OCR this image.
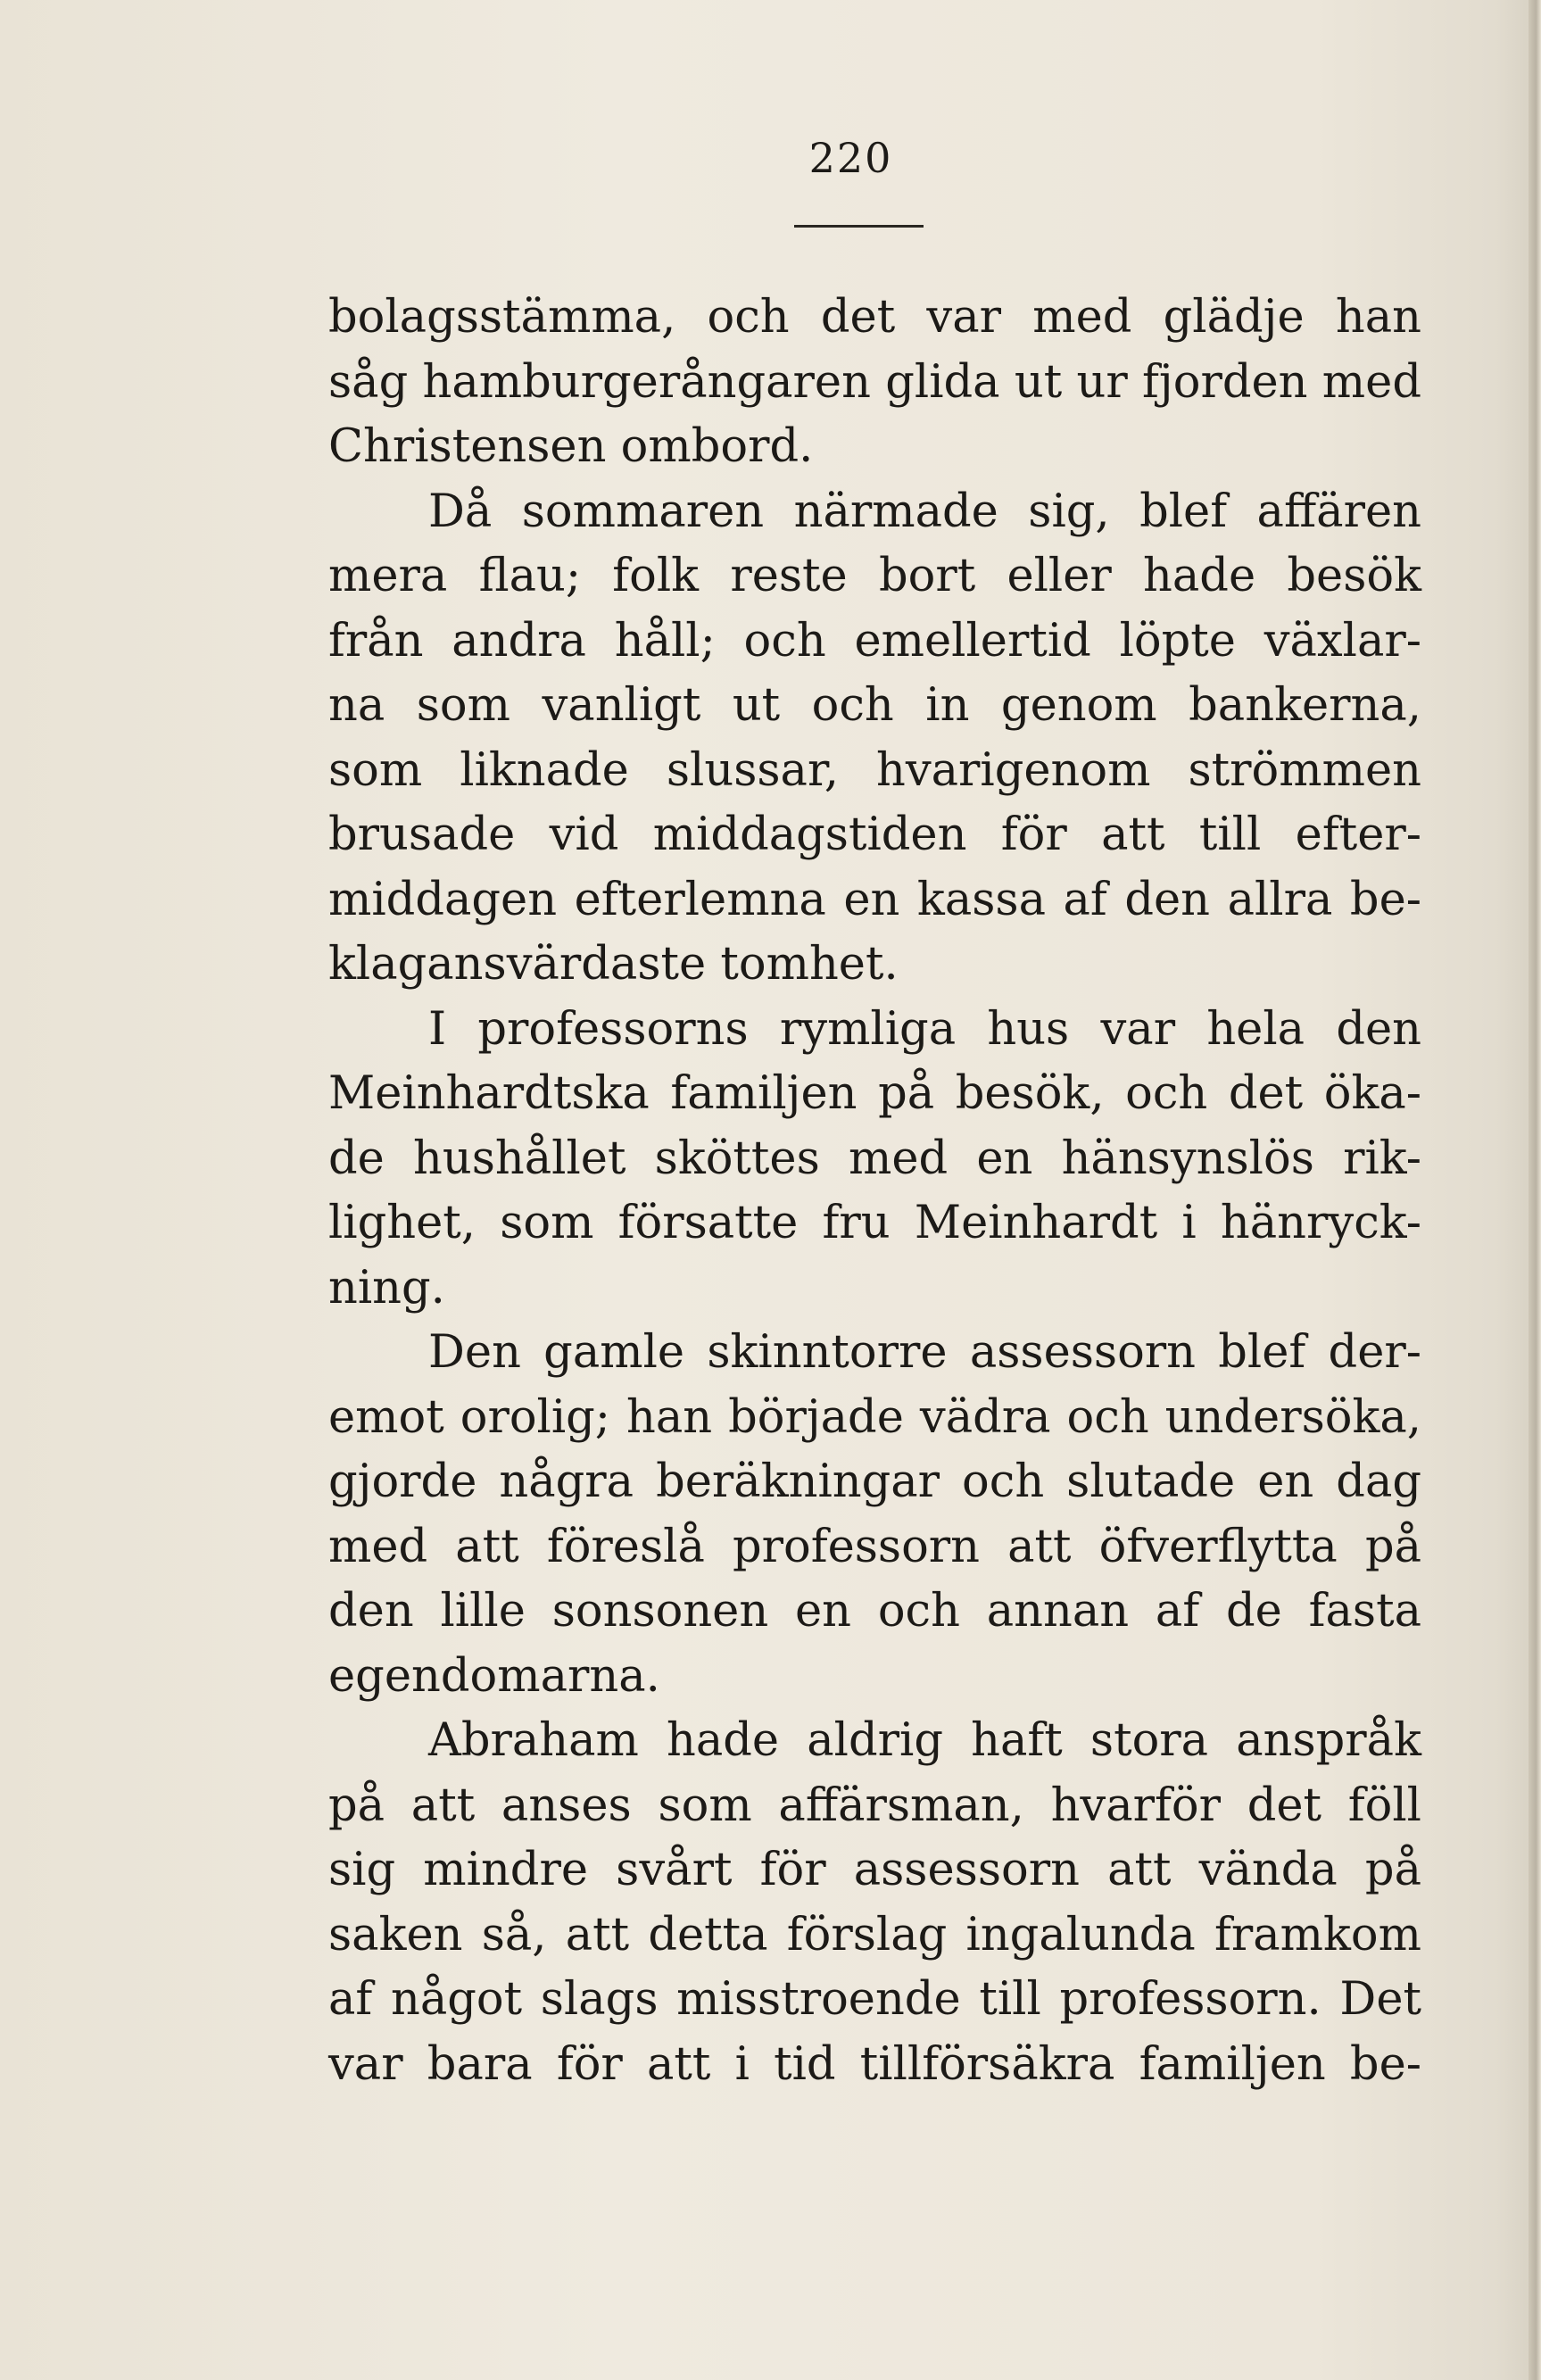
220
bolagsstämma, och det var med glädje han
såg hamburgerångaren glida ut ur fjorden med
Christensen ombord.
Då sommaren närmade sig, blef affären
mera flau; folk reste bort eller hade besök
från andra håll; och emellertid löpte växlar-
na som vanligt ut och in genom bankerna,
som liknade slussar, hvarigenom strömmen
brusade vid middagstiden för att till efter-
middagen efterlemna en kassa af den allra be-
klagansvärdaste tomhet.
I professorns rymliga hus var hela den
Meinhardtska familjen på besök, och det öka-
de hushållet sköttes med en hänsynslös rik-
lighet, som försatte fru Meinhardt i hänryck-
ning.
Den gamle skinntorre assessorn blef der-
emot orolig; han började vädra och undersöka,
gjorde några beräkningar och slutade en dag
med att föreslå professorn att öfverflytta på
den lille sonsonen en och annan af de fasta
egendomarna.
Abraham hade aldrig haft stora anspråk
på att anses som affärsman, hvarför det föll
sig mindre svårt för assessorn att vända på
saken så, att detta förslag ingalunda framkom
af något slags misstroende till professorn. Det
var bara för att i tid tillförsäkra familjen be-
